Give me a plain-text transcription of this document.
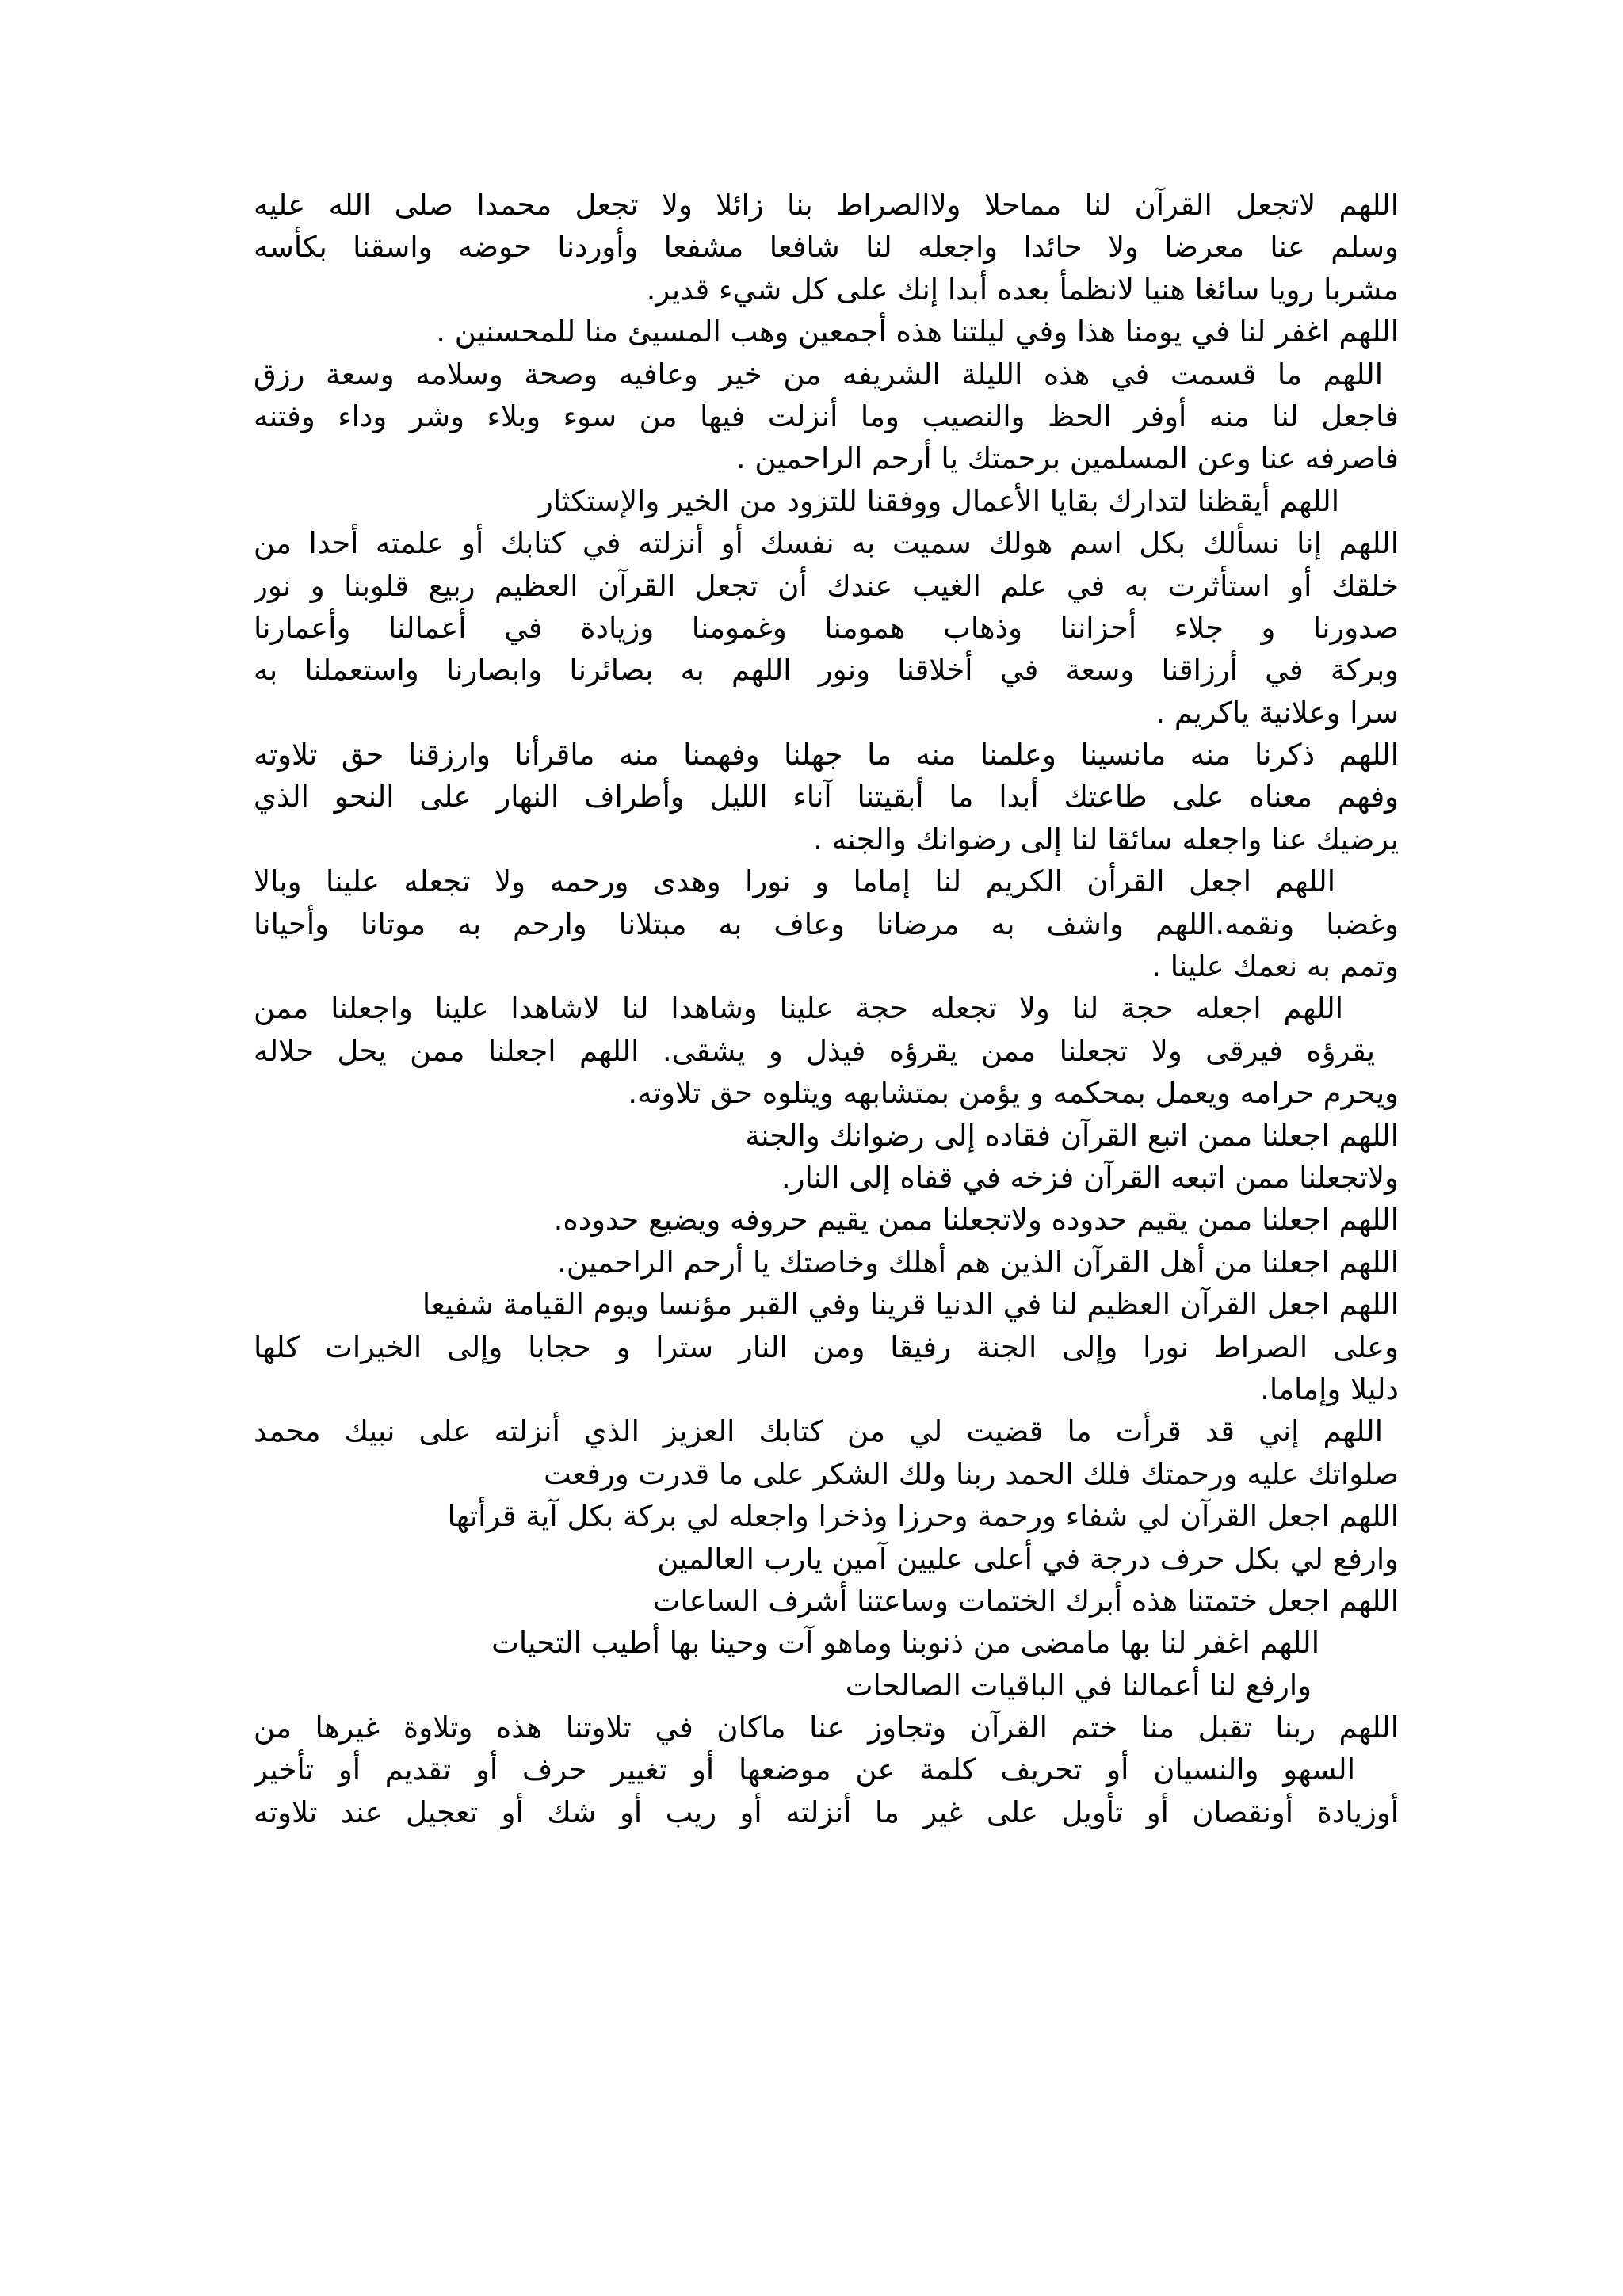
اللهم لاتجعل القرآن لنا مماحلا ولاالصراط بنا زائلا ولا تجعل محمدا صلى الله عليه
وسلم عنا معرضا ولا حائدا واجعله لنا شافعا مشفعا وأوردنا حوضه واسقنا بكأسه
مشربا رويا سائغا هنيا لانظمأ بعده أبدا إنك على كل شيء قدير.
اللهم اغفر لنا في يومنا هذا وفي ليلتنا هذه أجمعين وهب المسيئ منا للمحسنين .
اللهم ما قسمت في هذه الليلة الشريفه من خير وعافيه وصحة وسلامه وسعة رزق
فاجعل لنا منه أوفر الحظ والنصيب وما أنزلت فيها من سوء وبلاء وشر وداء وفتنه
فاصرفه عنا وعن المسلمين برحمتك يا أرحم الراحمين .
اللهم أيقظنا لتدارك بقايا الأعمال ووفقنا للتزود من الخير والإستكثار
اللهم إنا نسألك بكل اسم هولك سميت به نفسك أو أنزلته في كتابك أو علمته أحدا من
خلقك أو استأثرت به في علم الغيب عندك أن تجعل القرآن العظيم ربيع قلوبنا و نور
صدورنا و جلاء أحزاننا وذهاب همومنا وغمومنا وزيادة في أعمالنا وأعمارنا
وبركة في أرزاقنا وسعة في أخلاقنا ونور اللهم به بصائرنا وابصارنا واستعملنا به
سرا وعلانية ياكريم .
اللهم ذكرنا منه مانسينا وعلمنا منه ما جهلنا وفهمنا منه ماقرأنا وارزقنا حق تلاوته
وفهم معناه على طاعتك أبدا ما أبقيتنا آناء الليل وأطراف النهار على النحو الذي
يرضيك عنا واجعله سائقا لنا إلى رضوانك والجنه .
اللهم اجعل القرأن الكريم لنا إماما و نورا وهدى ورحمه ولا تجعله علينا وبالا
وغضبا ونقمه.اللهم واشف به مرضانا وعاف به مبتلانا وارحم به موتانا وأحيانا
وتمم به نعمك علينا .
اللهم اجعله حجة لنا ولا تجعله حجة علينا وشاهدا لنا لاشاهدا علينا واجعلنا ممن
يقرؤه فيرقى ولا تجعلنا ممن يقرؤه فيذل و يشقى. اللهم اجعلنا ممن يحل حلاله
ويحرم حرامه ويعمل بمحكمه و يؤمن بمتشابهه ويتلوه حق تلاوته.
اللهم اجعلنا ممن اتبع القرآن فقاده إلى رضوانك والجنة
ولاتجعلنا ممن اتبعه القرآن فزخه في قفاه إلى النار.
اللهم اجعلنا ممن يقيم حدوده ولاتجعلنا ممن يقيم حروفه ويضيع حدوده.
اللهم اجعلنا من أهل القرآن الذين هم أهلك وخاصتك يا أرحم الراحمين.
اللهم اجعل القرآن العظيم لنا في الدنيا قرينا وفي القبر مؤنسا ويوم القيامة شفيعا
وعلى الصراط نورا وإلى الجنة رفيقا ومن النار سترا و حجابا وإلى الخيرات كلها
دليلا وإماما.
اللهم إني قد قرأت ما قضيت لي من كتابك العزيز الذي أنزلته على نبيك محمد
صلواتك عليه ورحمتك فلك الحمد ربنا ولك الشكر على ما قدرت ورفعت
اللهم اجعل القرآن لي شفاء ورحمة وحرزا وذخرا واجعله لي بركة بكل آية قرأتها
وارفع لي بكل حرف درجة في أعلى عليين آمين يارب العالمين
اللهم اجعل ختمتنا هذه أبرك الختمات وساعتنا أشرف الساعات
اللهم اغفر لنا بها مامضى من ذنوبنا وماهو آت وحينا بها أطيب التحيات
وارفع لنا أعمالنا في الباقيات الصالحات
اللهم ربنا تقبل منا ختم القرآن وتجاوز عنا ماكان في تلاوتنا هذه وتلاوة غيرها من
السهو والنسيان أو تحريف كلمة عن موضعها أو تغيير حرف أو تقديم أو تأخير
أوزيادة أونقصان أو تأويل على غير ما أنزلته أو ريب أو شك أو تعجيل عند تلاوته
